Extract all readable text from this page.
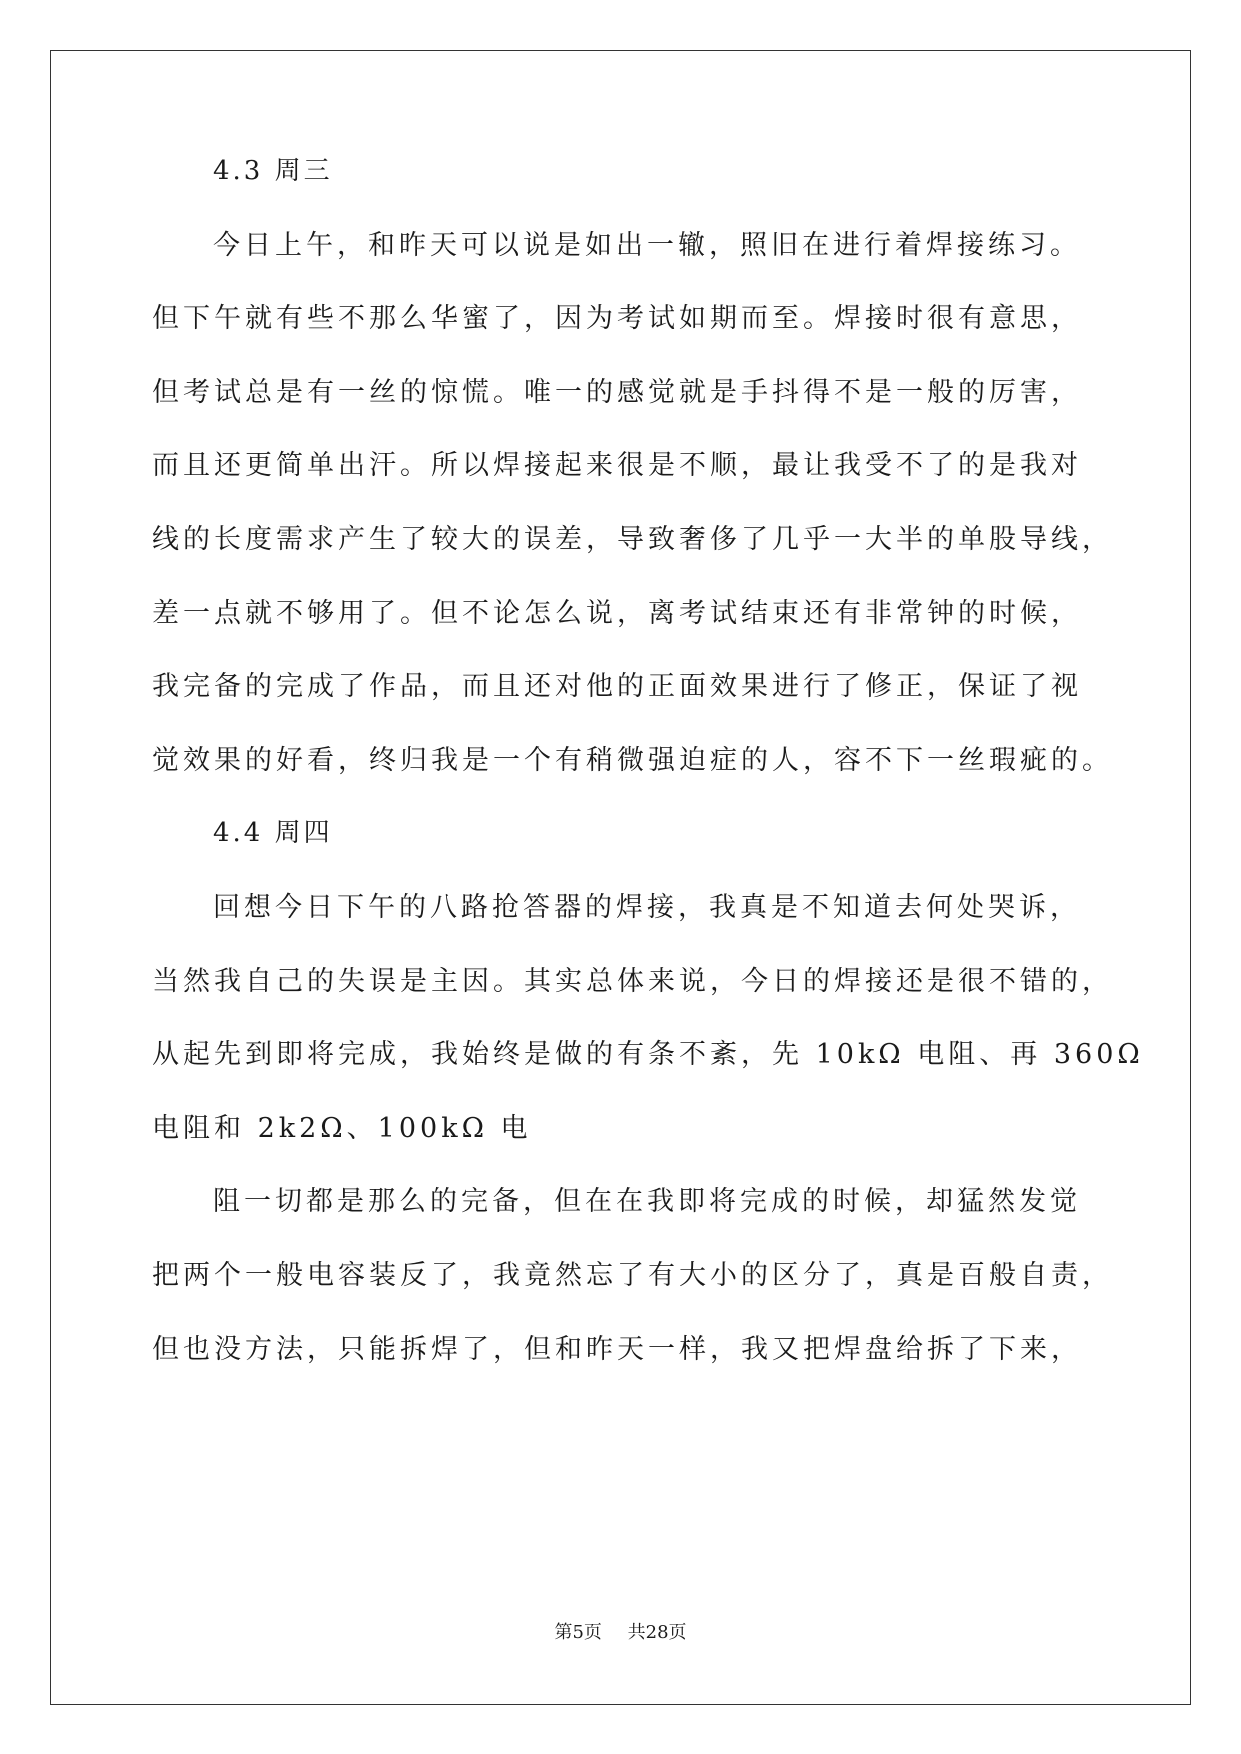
4.3 周三
今日上午，和昨天可以说是如出一辙，照旧在进行着焊接练习。
但下午就有些不那么华蜜了，因为考试如期而至。焊接时很有意思，
但考试总是有一丝的惊慌。唯一的感觉就是手抖得不是一般的厉害，
而且还更简单出汗。所以焊接起来很是不顺，最让我受不了的是我对
线的长度需求产生了较大的误差，导致奢侈了几乎一大半的单股导线，
差一点就不够用了。但不论怎么说，离考试结束还有非常钟的时候，
我完备的完成了作品，而且还对他的正面效果进行了修正，保证了视
觉效果的好看，终归我是一个有稍微强迫症的人，容不下一丝瑕疵的。
4.4 周四
回想今日下午的八路抢答器的焊接，我真是不知道去何处哭诉，
当然我自己的失误是主因。其实总体来说，今日的焊接还是很不错的，
从起先到即将完成，我始终是做的有条不紊，先 10kΩ 电阻、再 360Ω
电阻和 2k2Ω、100kΩ 电
阻一切都是那么的完备，但在在我即将完成的时候，却猛然发觉
把两个一般电容装反了，我竟然忘了有大小的区分了，真是百般自责，
但也没方法，只能拆焊了，但和昨天一样，我又把焊盘给拆了下来，
第5页 共28页
